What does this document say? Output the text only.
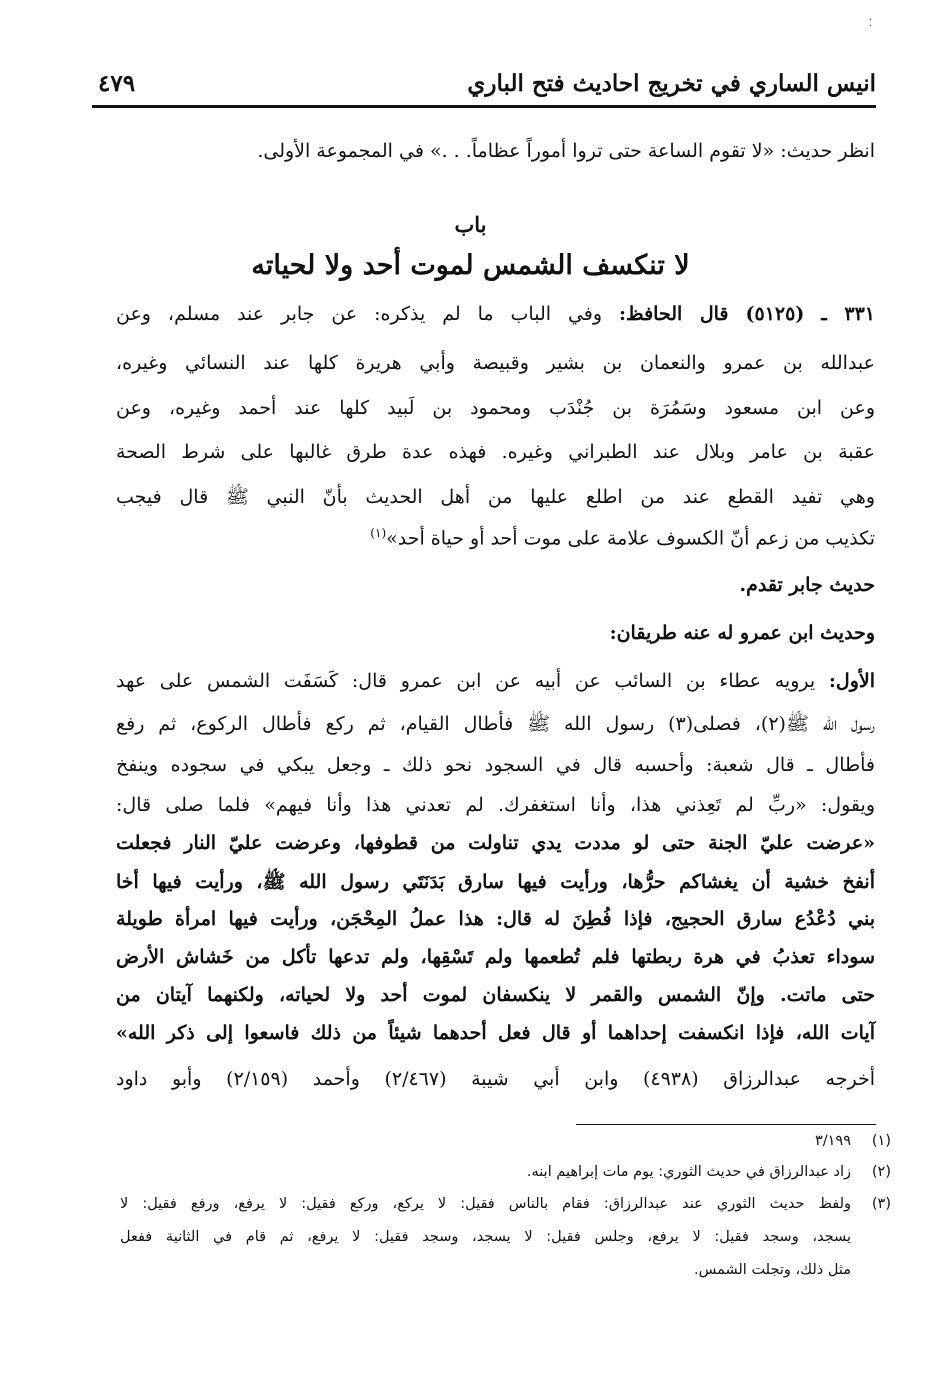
⁚
انيس الساري في تخريج احاديث فتح الباري
٤٧٩
انظر حديث: «لا تقوم الساعة حتى تروا أموراً عظاماً. . .» في المجموعة الأولى.
باب
لا تنكسف الشمس لموت أحد ولا لحياته
٣٣١ ـ (٥١٢٥) قال الحافظ: وفي الباب ما لم يذكره: عن جابر عند مسلم، وعن
عبدالله بن عمرو والنعمان بن بشير وقبيصة وأبي هريرة كلها عند النسائي وغيره،
وعن ابن مسعود وسَمُرَة بن جُنْدَب ومحمود بن لَبيد كلها عند أحمد وغيره، وعن
عقبة بن عامر وبلال عند الطبراني وغيره. فهذه عدة طرق غالبها على شرط الصحة
وهي تفيد القطع عند من اطلع عليها من أهل الحديث بأنّ النبي ﷺ قال فيجب
تكذيب من زعم أنّ الكسوف علامة على موت أحد أو حياة أحد»$^{(١)}$
حديث جابر تقدم.
وحديث ابن عمرو له عنه طريقان:
الأول: يرويه عطاء بن السائب عن أبيه عن ابن عمرو قال: كَسَفَت الشمس على عهد
رسول الله ﷺ(٢)، فصلى(٣) رسول الله ﷺ فأطال القيام، ثم ركع فأطال الركوع، ثم رفع
فأطال ـ قال شعبة: وأحسبه قال في السجود نحو ذلك ـ وجعل يبكي في سجوده وينفخ
ويقول: «ربِّ لم تَعِذني هذا، وأنا استغفرك. لم تعدني هذا وأنا فيهم» فلما صلى قال:
«عرضت عليّ الجنة حتى لو مددت يدي تناولت من قطوفها، وعرضت عليّ النار فجعلت
أنفخ خشية أن يغشاكم حرُّها، ورأيت فيها سارق بَدَنَتَي رسول الله ﷺ، ورأيت فيها أخا
بني دُعْدُع سارق الحجيج، فإذا فُطِنَ له قال: هذا عملُ المِحْجَن، ورأيت فيها امرأة طويلة
سوداء تعذبُ في هرة ربطتها فلم تُطعمها ولم تَسْقِها، ولم تدعها تأكل من خَشاش الأرض
حتى ماتت. وإنّ الشمس والقمر لا ينكسفان لموت أحد ولا لحياته، ولكنهما آيتان من
آيات الله، فإذا انكسفت إحداهما أو قال فعل أحدهما شيئاً من ذلك فاسعوا إلى ذكر الله»
أخرجه عبدالرزاق (٤٩٣٨) وابن أبي شيبة (٢/٤٦٧) وأحمد (٢/١٥٩) وأبو داود
(١)٣/١٩٩
(٢)زاد عبدالرزاق في حديث الثوري: يوم مات إبراهيم ابنه.
(٣)ولفظ حديث الثوري عند عبدالرزاق: فقام بالناس فقيل: لا يركع، وركع فقيل: لا يرفع، ورفع فقيل: لا
يسجد، وسجد فقيل: لا يرفع، وجلس فقيل: لا يسجد، وسجد فقيل: لا يرفع، ثم قام في الثانية ففعل
مثل ذلك، وتجلت الشمس.
